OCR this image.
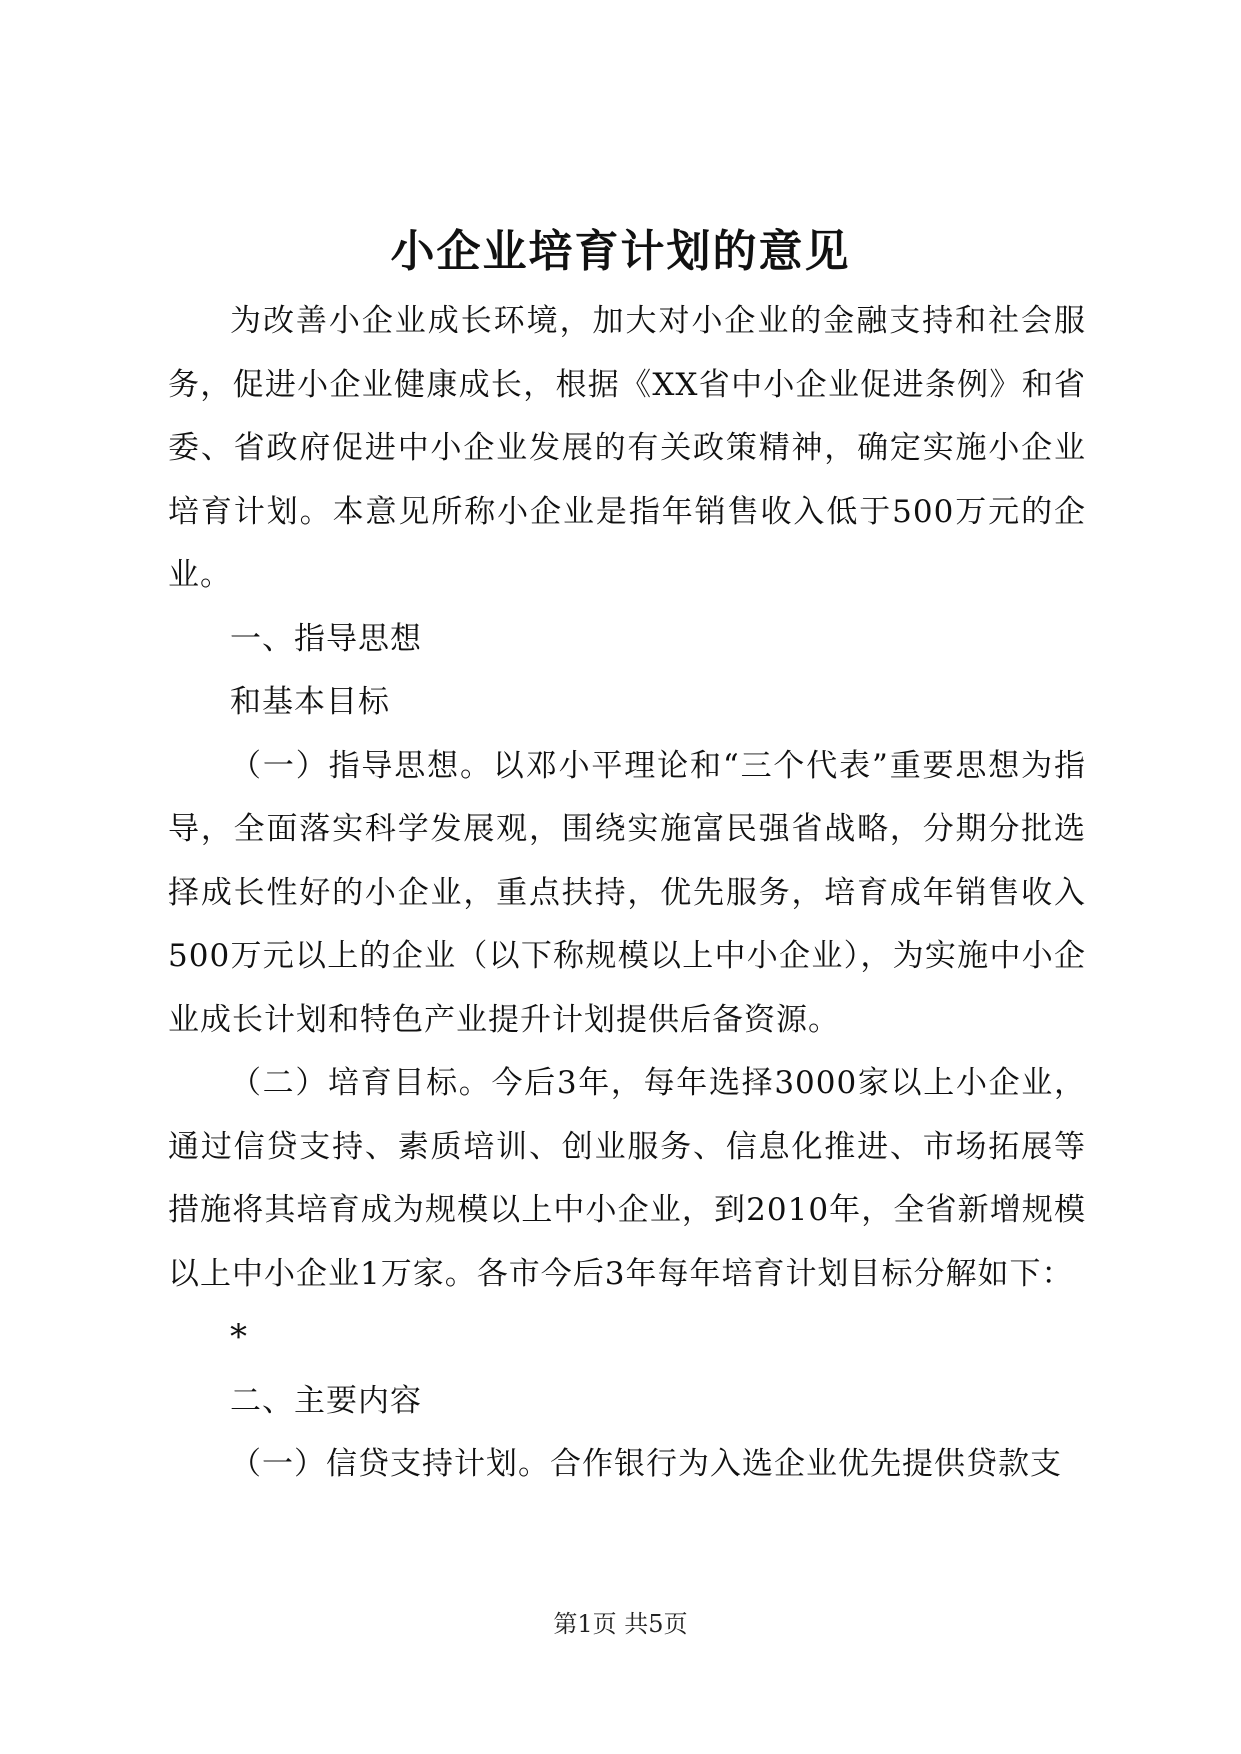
小企业培育计划的意见

为改善小企业成长环境，加大对小企业的金融支持和社会服务，促进小企业健康成长，根据《XX省中小企业促进条例》和省委、省政府促进中小企业发展的有关政策精神，确定实施小企业培育计划。本意见所称小企业是指年销售收入低于500万元的企业。

一、指导思想

和基本目标

（一）指导思想。以邓小平理论和“三个代表”重要思想为指导，全面落实科学发展观，围绕实施富民强省战略，分期分批选择成长性好的小企业，重点扶持，优先服务，培育成年销售收入500万元以上的企业（以下称规模以上中小企业），为实施中小企业成长计划和特色产业提升计划提供后备资源。

（二）培育目标。今后3年，每年选择3000家以上小企业，通过信贷支持、素质培训、创业服务、信息化推进、市场拓展等措施将其培育成为规模以上中小企业，到2010年，全省新增规模以上中小企业1万家。各市今后3年每年培育计划目标分解如下：

*

二、主要内容

（一）信贷支持计划。合作银行为入选企业优先提供贷款支

第1页 共5页
